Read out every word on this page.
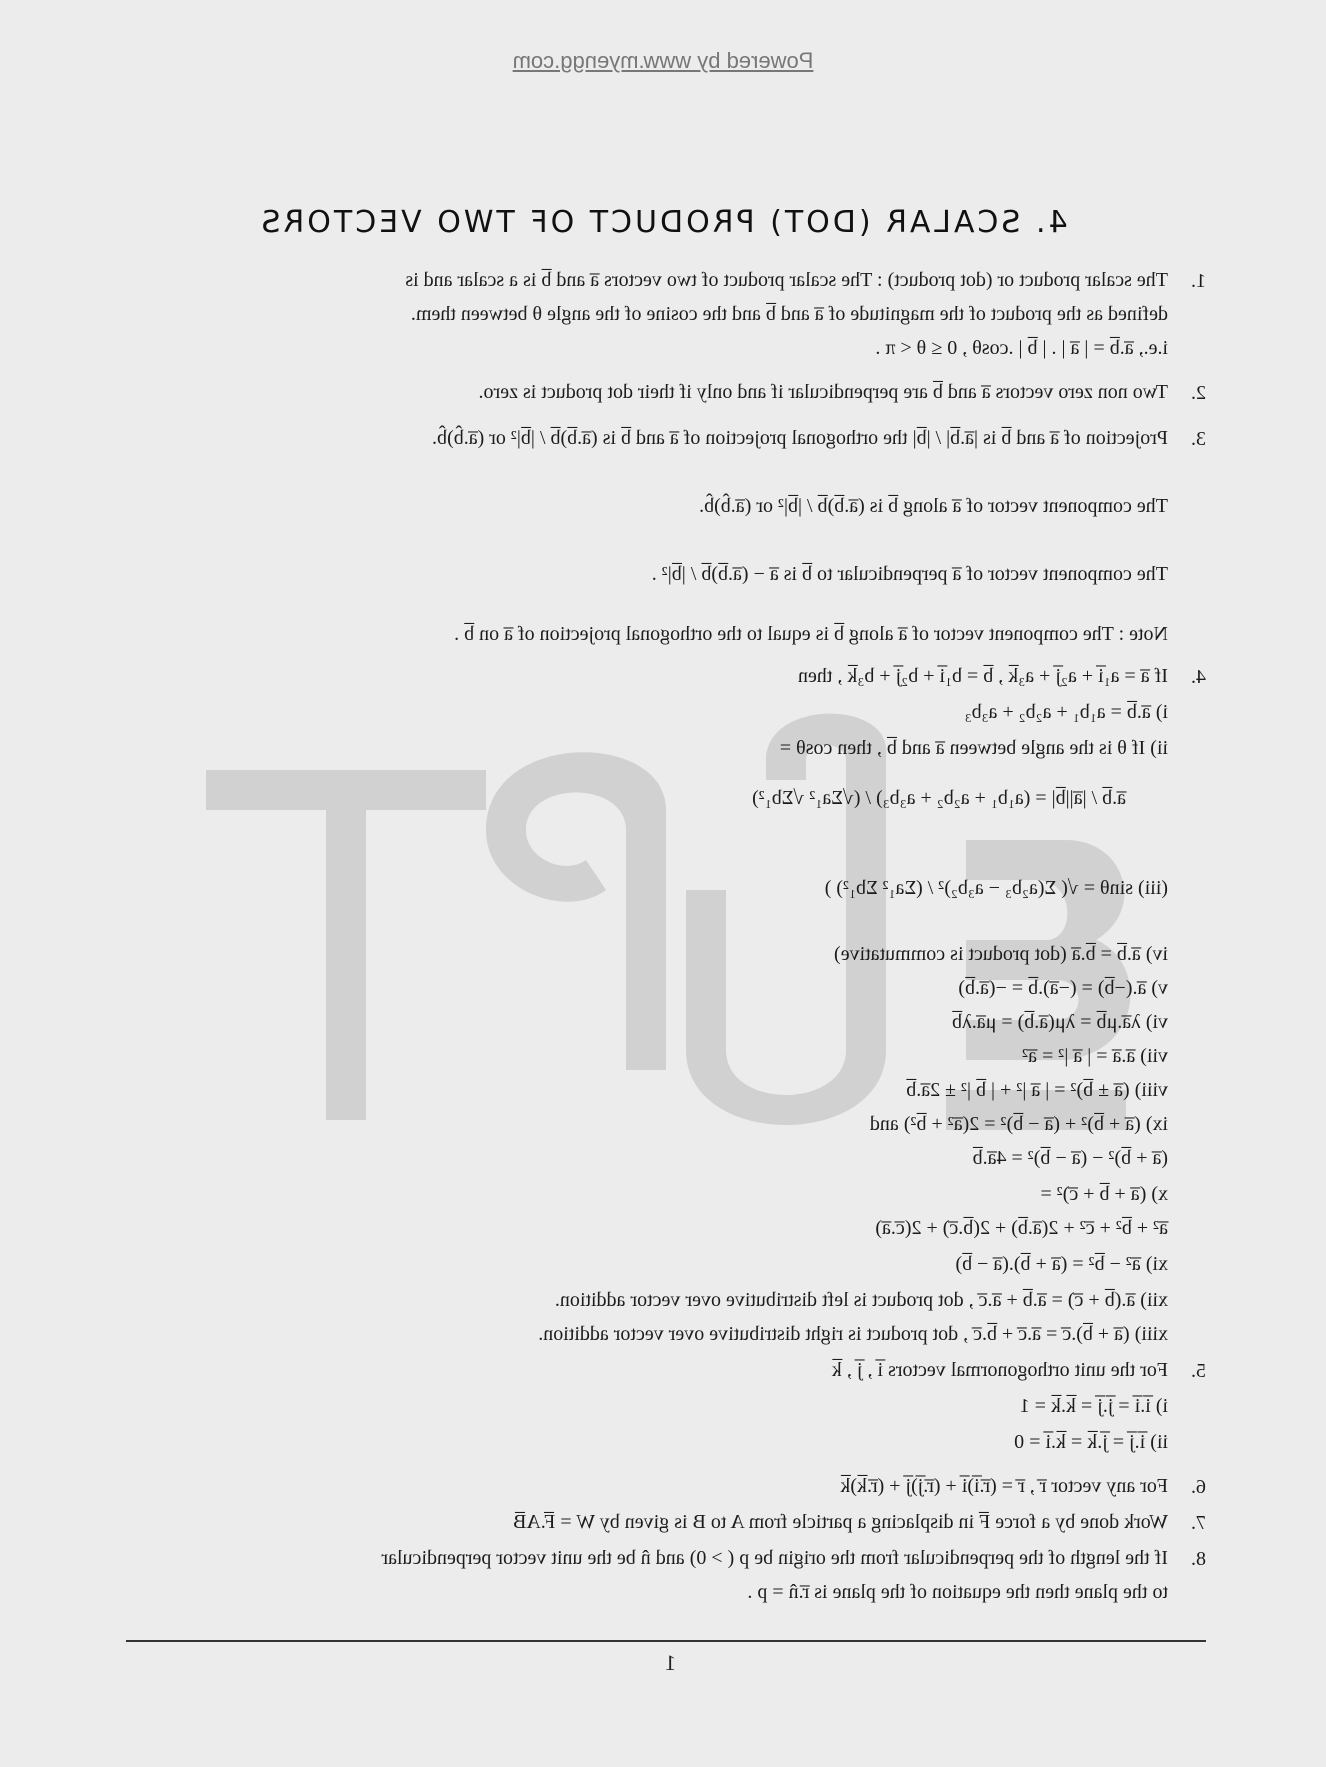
Powered by www.myengg.com
4. SCALAR (DOT) PRODUCT OF TWO VECTORS
1.
The scalar product or (dot product) : The scalar product of two vectors a̅ and b̅ is a scalar and is
defined as the product of the magnitude of a̅ and b̅ and the cosine of the angle θ between them.
i.e., a̅.b̅ = | a̅ | . | b̅ | .cosθ , 0 ≤ θ < π .
2.
Two non zero vectors a̅ and b̅ are perpendicular if and only if their dot product is zero.
3.
Projection of a̅ and b̅ is |a̅.b̅| / |b̅| the orthogonal projection of a̅ and b̅ is (a̅.b̅)b̅ / |b̅|² or (a̅.b̂)b̂.
The component vector of a̅ along b̅ is (a̅.b̅)b̅ / |b̅|² or (a̅.b̂)b̂.
The component vector of a̅ perpendicular to b̅ is a̅ − (a̅.b̅)b̅ / |b̅|² .
Note : The component vector of a̅ along b̅ is equal to the orthogonal projection of a̅ on b̅ .
4.
If a̅ = a₁i̅ + a₂j̅ + a₃k̅ , b̅ = b₁i̅ + b₂j̅ + b₃k̅ , then
i) a̅.b̅ = a₁b₁ + a₂b₂ + a₃b₃
ii) If θ is the angle between a̅ and b̅ , then cosθ =
a̅.b̅ / |a̅||b̅| = (a₁b₁ + a₂b₂ + a₃b₃) / (√Σa₁² √Σb₁²)
(iii) sinθ = √( Σ(a₂b₃ − a₃b₂)² / (Σa₁² Σb₁²) )
iv) a̅.b̅ = b̅.a̅ (dot product is commutative)
v) a̅.(−b̅) = (−a̅).b̅ = −(a̅.b̅)
vi) λa̅.μb̅ = λμ(a̅.b̅) = μa̅.λb̅
vii) a̅.a̅ = | a̅ |² = a̅²
viii) (a̅ ± b̅)² = | a̅ |² + | b̅ |² ± 2a̅.b̅
ix) (a̅ + b̅)² + (a̅ − b̅)² = 2(a̅² + b̅²) and
(a̅ + b̅)² − (a̅ − b̅)² = 4a̅.b̅
x) (a̅ + b̅ + c̅)² =
a̅² + b̅² + c̅² + 2(a̅.b̅) + 2(b̅.c̅) + 2(c̅.a̅)
xi) a̅² − b̅² = (a̅ + b̅).(a̅ − b̅)
xii) a̅.(b̅ + c̅) = a̅.b̅ + a̅.c̅ , dot product is left distributive over vector addition.
xiii) (a̅ + b̅).c̅ = a̅.c̅ + b̅.c̅ , dot product is right distributive over vector addition.
5.
For the unit orthogonormal vectors i̅ , j̅ , k̅
i) i̅.i̅ = j̅.j̅ = k̅.k̅ = 1
ii) i̅.j̅ = j̅.k̅ = k̅.i̅ = 0
6.
For any vector r̅ , r̅ = (r̅.i̅)i̅ + (r̅.j̅)j̅ + (r̅.k̅)k̅
7.
Work done by a force F̅ in displacing a particle from A to B is given by W = F̅.AB̅
8.
If the length of the perpendicular from the origin be p ( > 0) and n̂ be the unit vector perpendicular
to the plane then the equation of the plane is r̅.n̂ = p .
1
